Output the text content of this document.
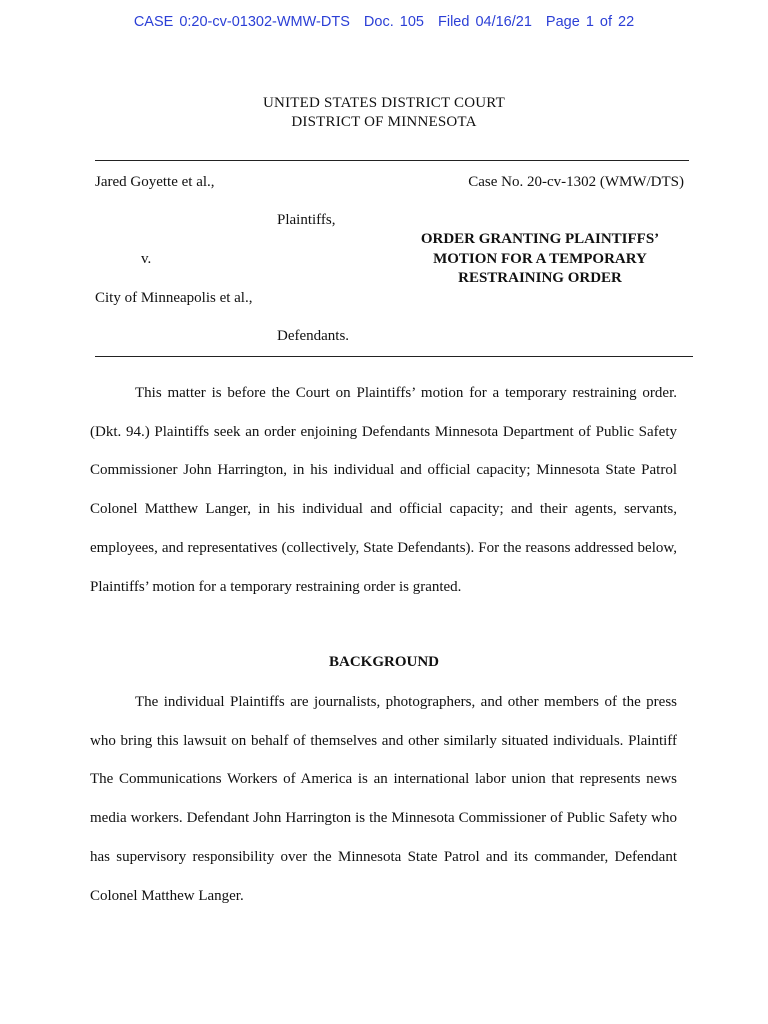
CASE 0:20-cv-01302-WMW-DTS Doc. 105 Filed 04/16/21 Page 1 of 22
UNITED STATES DISTRICT COURT
DISTRICT OF MINNESOTA
Jared Goyette et al.,	Case No. 20-cv-1302 (WMW/DTS)
Plaintiffs,
v.
City of Minneapolis et al.,
Defendants.
ORDER GRANTING PLAINTIFFS’
MOTION FOR A TEMPORARY
RESTRAINING ORDER

This matter is before the Court on Plaintiffs’ motion for a temporary restraining order. (Dkt. 94.) Plaintiffs seek an order enjoining Defendants Minnesota Department of Public Safety Commissioner John Harrington, in his individual and official capacity; Minnesota State Patrol Colonel Matthew Langer, in his individual and official capacity; and their agents, servants, employees, and representatives (collectively, State Defendants). For the reasons addressed below, Plaintiffs’ motion for a temporary restraining order is granted.

BACKGROUND

The individual Plaintiffs are journalists, photographers, and other members of the press who bring this lawsuit on behalf of themselves and other similarly situated individuals. Plaintiff The Communications Workers of America is an international labor union that represents news media workers. Defendant John Harrington is the Minnesota Commissioner of Public Safety who has supervisory responsibility over the Minnesota State Patrol and its commander, Defendant Colonel Matthew Langer.
